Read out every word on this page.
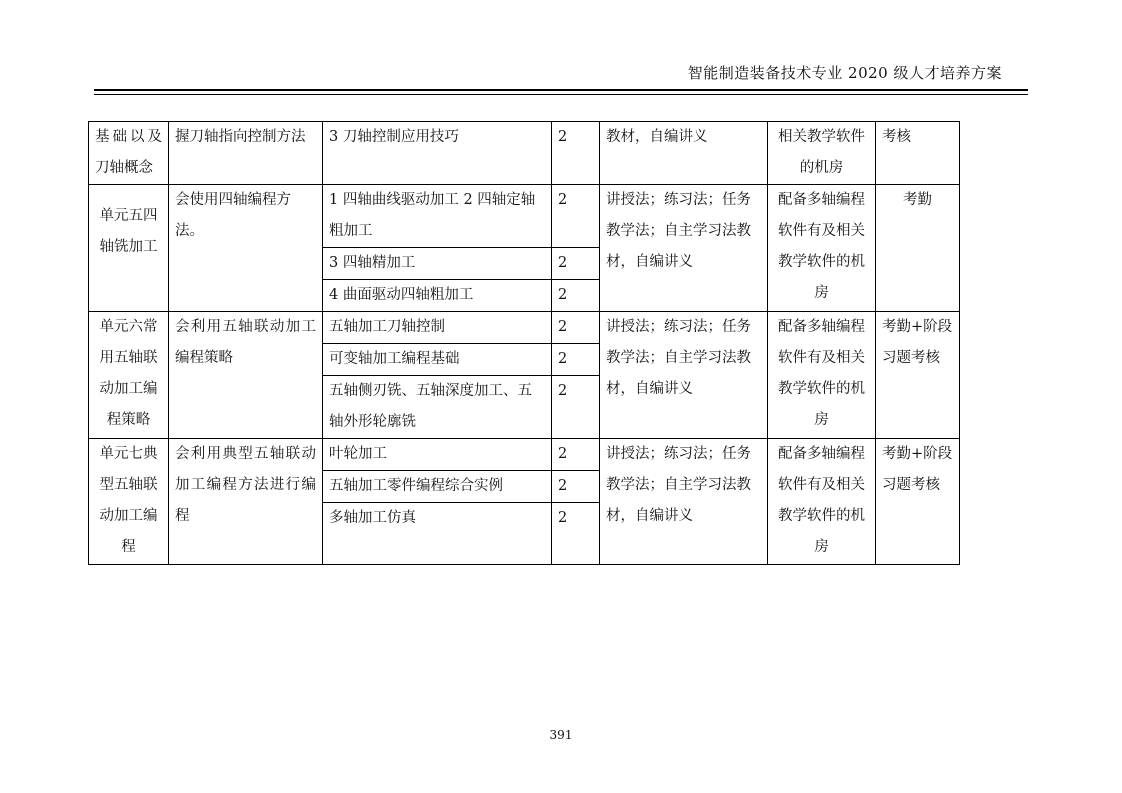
智能制造装备技术专业 2020 级人才培养方案
基础以及刀轴概念	握刀轴指向控制方法	3 刀轴控制应用技巧	2	教材，自编讲义	相关教学软件的机房	考核
单元五四轴铣加工	会使用四轴编程方法。	1 四轴曲线驱动加工 2 四轴定轴粗加工	2	讲授法；练习法；任务教学法；自主学习法教材，自编讲义	配备多轴编程软件有及相关教学软件的机房	考勤
		3 四轴精加工	2			
		4 曲面驱动四轴粗加工	2			
单元六常用五轴联动加工编程策略	会利用五轴联动加工编程策略	五轴加工刀轴控制	2	讲授法；练习法；任务教学法；自主学习法教材，自编讲义	配备多轴编程软件有及相关教学软件的机房	考勤+阶段习题考核
		可变轴加工编程基础	2			
		五轴侧刃铣、五轴深度加工、五轴外形轮廓铣	2			
单元七典型五轴联动加工编程	会利用典型五轴联动加工编程方法进行编程	叶轮加工	2	讲授法；练习法；任务教学法；自主学习法教材，自编讲义	配备多轴编程软件有及相关教学软件的机房	考勤+阶段习题考核
		五轴加工零件编程综合实例	2			
		多轴加工仿真	2			
391
